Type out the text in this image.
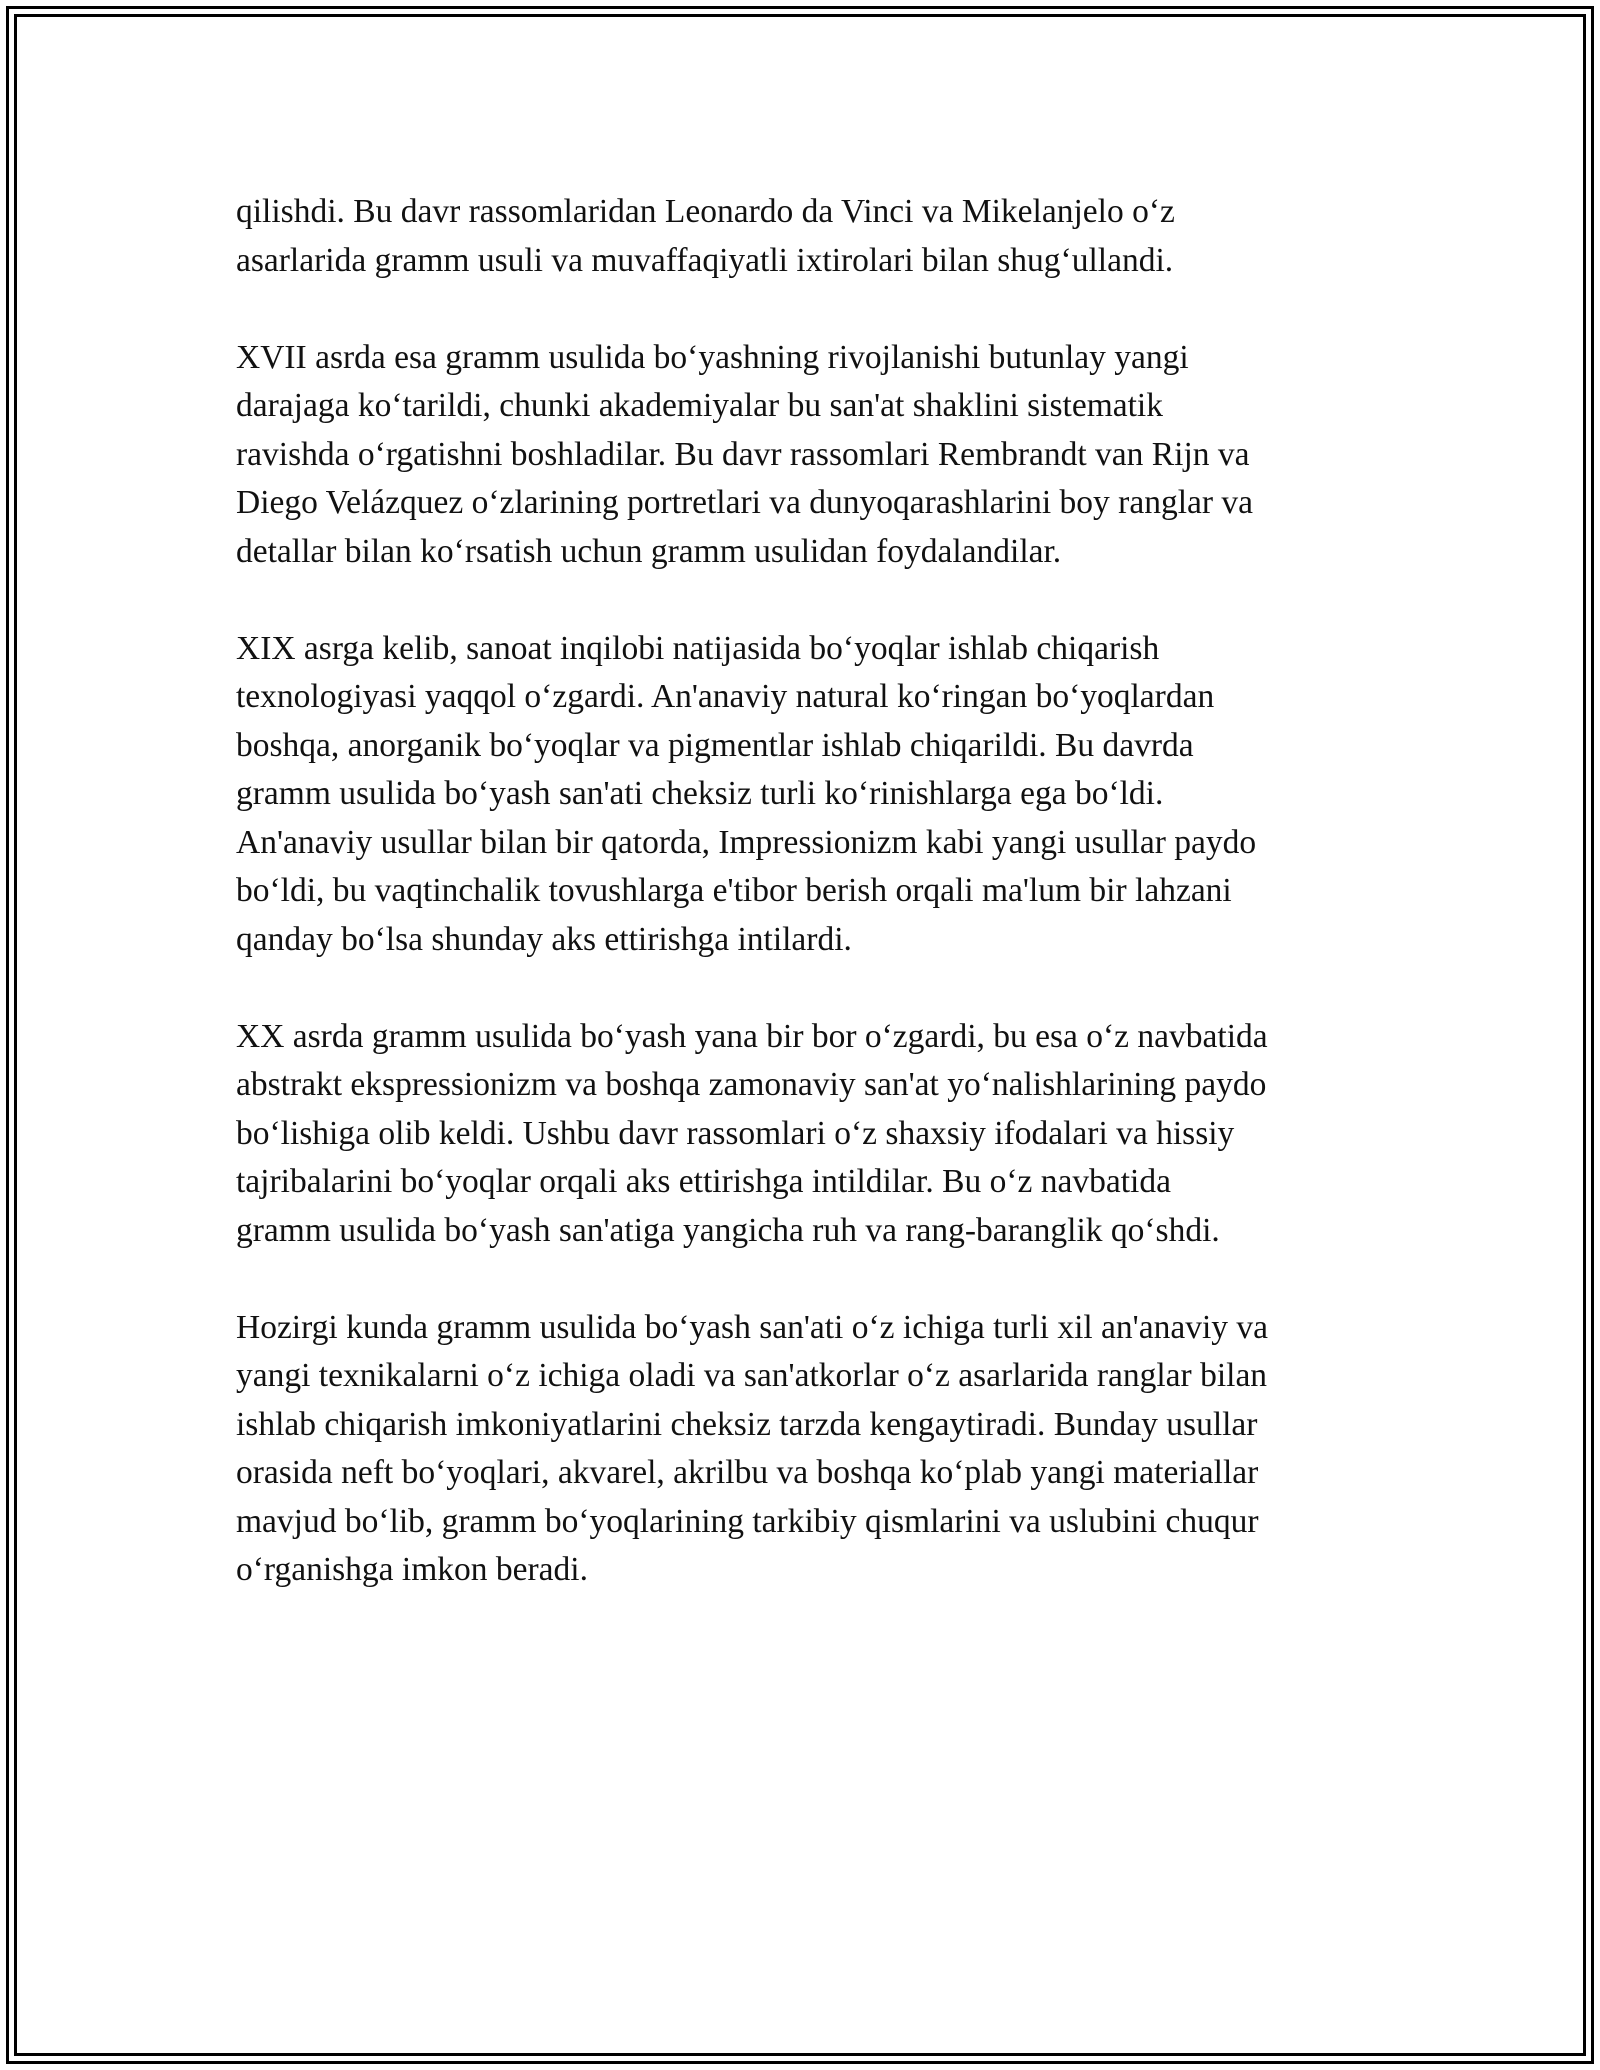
qilishdi. Bu davr rassomlaridan Leonardo da Vinci va Mikelanjelo o‘z
asarlarida gramm usuli va muvaffaqiyatli ixtirolari bilan shug‘ullandi.

XVII asrda esa gramm usulida bo‘yashning rivojlanishi butunlay yangi
darajaga ko‘tarildi, chunki akademiyalar bu san'at shaklini sistematik
ravishda o‘rgatishni boshladilar. Bu davr rassomlari Rembrandt van Rijn va
Diego Velázquez o‘zlarining portretlari va dunyoqarashlarini boy ranglar va
detallar bilan ko‘rsatish uchun gramm usulidan foydalandilar.

XIX asrga kelib, sanoat inqilobi natijasida bo‘yoqlar ishlab chiqarish
texnologiyasi yaqqol o‘zgardi. An'anaviy natural ko‘ringan bo‘yoqlardan
boshqa, anorganik bo‘yoqlar va pigmentlar ishlab chiqarildi. Bu davrda
gramm usulida bo‘yash san'ati cheksiz turli ko‘rinishlarga ega bo‘ldi.
An'anaviy usullar bilan bir qatorda, Impressionizm kabi yangi usullar paydo
bo‘ldi, bu vaqtinchalik tovushlarga e'tibor berish orqali ma'lum bir lahzani
qanday bo‘lsa shunday aks ettirishga intilardi.

XX asrda gramm usulida bo‘yash yana bir bor o‘zgardi, bu esa o‘z navbatida
abstrakt ekspressionizm va boshqa zamonaviy san'at yo‘nalishlarining paydo
bo‘lishiga olib keldi. Ushbu davr rassomlari o‘z shaxsiy ifodalari va hissiy
tajribalarini bo‘yoqlar orqali aks ettirishga intildilar. Bu o‘z navbatida
gramm usulida bo‘yash san'atiga yangicha ruh va rang-baranglik qo‘shdi.

Hozirgi kunda gramm usulida bo‘yash san'ati o‘z ichiga turli xil an'anaviy va
yangi texnikalarni o‘z ichiga oladi va san'atkorlar o‘z asarlarida ranglar bilan
ishlab chiqarish imkoniyatlarini cheksiz tarzda kengaytiradi. Bunday usullar
orasida neft bo‘yoqlari, akvarel, akrilbu va boshqa ko‘plab yangi materiallar
mavjud bo‘lib, gramm bo‘yoqlarining tarkibiy qismlarini va uslubini chuqur
o‘rganishga imkon beradi.
